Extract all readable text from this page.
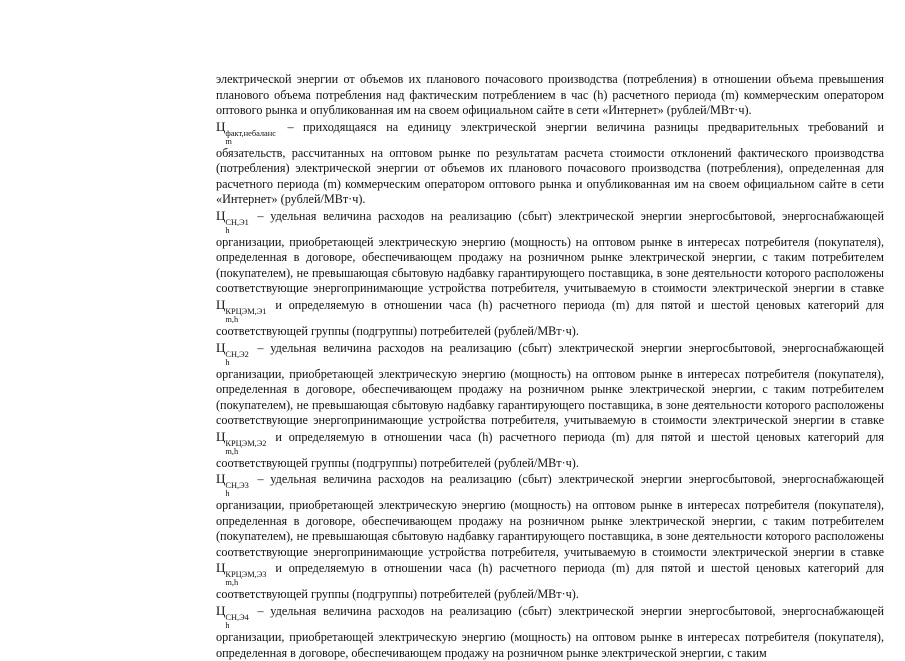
электрической энергии от объемов их планового почасового производства (потребления) в отношении объема превышения планового объема потребления над фактическим потреблением в час (h) расчетного периода (m) коммерческим оператором оптового рынка и опубликованная им на своем официальном сайте в сети «Интернет» (рублей/МВт·ч).

Ц факт,небаланс
m
– приходящаяся на единицу электрической энергии величина разницы предварительных требований и обязательств, рассчитанных на оптовом рынке по результатам расчета стоимости отклонений фактического производства (потребления) электрической энергии от объемов их планового почасового производства (потребления), определенная для расчетного периода (m) коммерческим оператором оптового рынка и опубликованная им на своем официальном сайте в сети «Интернет» (рублей/МВт·ч).

Ц СН,Э1
h
– удельная величина расходов на реализацию (сбыт) электрической энергии энергосбытовой, энергоснабжающей организации, приобретающей электрическую энергию (мощность) на оптовом рынке в интересах потребителя (покупателя), определенная в договоре, обеспечивающем продажу на розничном рынке электрической энергии, с таким потребителем (покупателем), не превышающая сбытовую надбавку гарантирующего поставщика, в зоне деятельности которого расположены соответствующие энергопринимающие устройства потребителя, учитываемую в стоимости электрической энергии в ставке Ц КРЦЭМ,Э1
m,h
и определяемую в отношении часа (h) расчетного периода (m) для пятой и шестой ценовых категорий для соответствующей группы (подгруппы) потребителей (рублей/МВт·ч).

Ц СН,Э2
h
– удельная величина расходов на реализацию (сбыт) электрической энергии энергосбытовой, энергоснабжающей организации, приобретающей электрическую энергию (мощность) на оптовом рынке в интересах потребителя (покупателя), определенная в договоре, обеспечивающем продажу на розничном рынке электрической энергии, с таким потребителем (покупателем), не превышающая сбытовую надбавку гарантирующего поставщика, в зоне деятельности которого расположены соответствующие энергопринимающие устройства потребителя, учитываемую в стоимости электрической энергии в ставке Ц КРЦЭМ,Э2
m,h
и определяемую в отношении часа (h) расчетного периода (m) для пятой и шестой ценовых категорий для соответствующей группы (подгруппы) потребителей (рублей/МВт·ч).

Ц СН,Э3
h
– удельная величина расходов на реализацию (сбыт) электрической энергии энергосбытовой, энергоснабжающей организации, приобретающей электрическую энергию (мощность) на оптовом рынке в интересах потребителя (покупателя), определенная в договоре, обеспечивающем продажу на розничном рынке электрической энергии, с таким потребителем (покупателем), не превышающая сбытовую надбавку гарантирующего поставщика, в зоне деятельности которого расположены соответствующие энергопринимающие устройства потребителя, учитываемую в стоимости электрической энергии в ставке Ц КРЦЭМ,Э3
m,h
и определяемую в отношении часа (h) расчетного периода (m) для пятой и шестой ценовых категорий для соответствующей группы (подгруппы) потребителей (рублей/МВт·ч).

Ц СН,Э4
h
– удельная величина расходов на реализацию (сбыт) электрической энергии энергосбытовой, энергоснабжающей организации, приобретающей электрическую энергию (мощность) на оптовом рынке в интересах потребителя (покупателя), определенная в договоре, обеспечивающем продажу на розничном рынке электрической энергии, с таким
